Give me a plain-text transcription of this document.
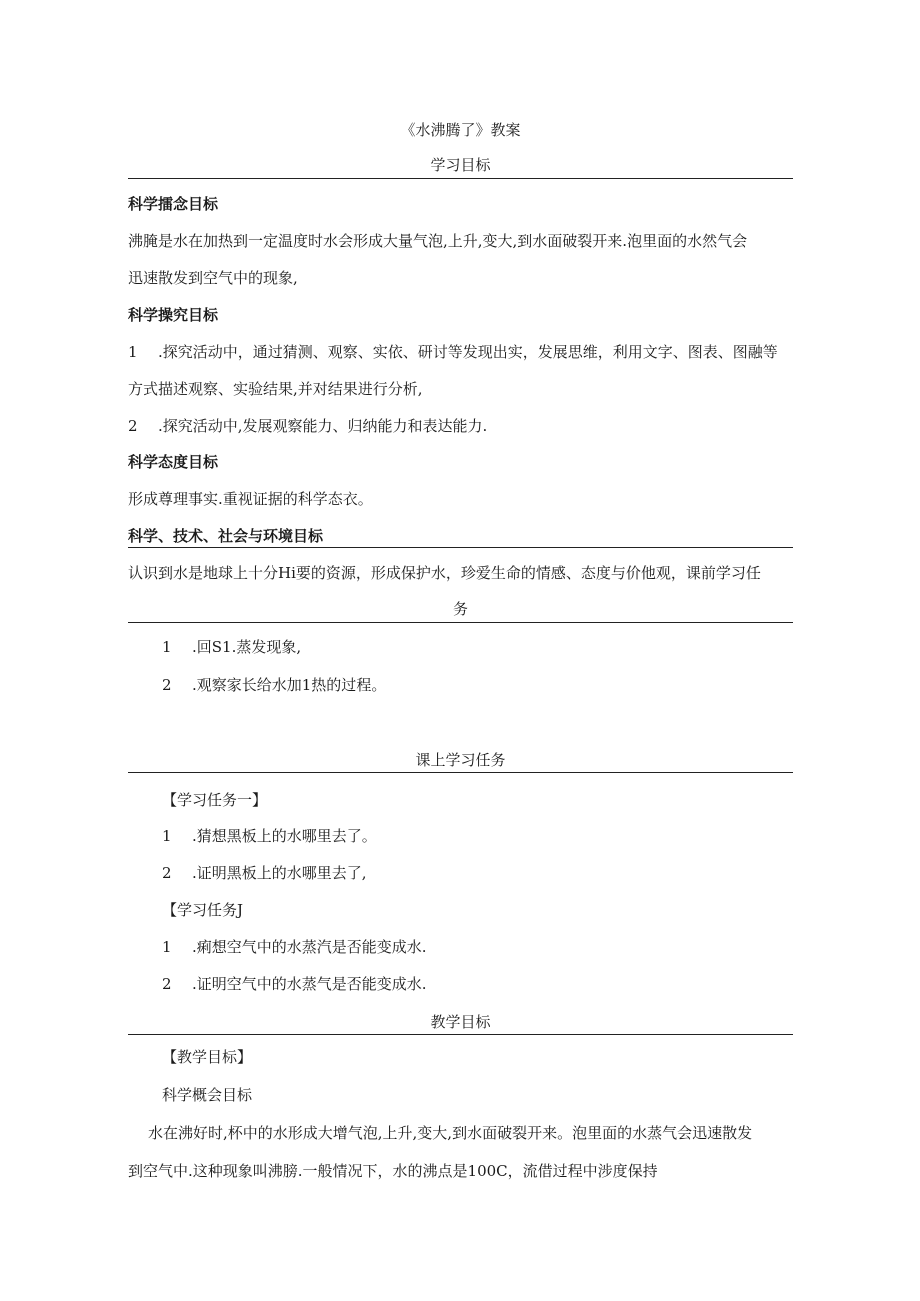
《水沸腾了》教案
学习目标
科学擂念目标
沸腌是水在加热到一定温度时水会形成大量气泡,上升,变大,到水面破裂开来.泡里面的水然气会
迅速散发到空气中的现象,
科学操究目标
1 .探究活动中，通过猜测、观察、实依、研讨等发现出实，发展思维，利用文字、图表、图融等
方式描述观察、实验结果,并对结果进行分析,
2 .探究活动中,发展观察能力、归纳能力和表达能力.
科学态度目标
形成尊理事实.重视证据的科学态衣。
科学、技术、社会与环境目标
认识到水是地球上十分Hi要的资源，形成保护水，珍爱生命的情感、态度与价他观，课前学习任
务
1 .回S1.蒸发现象,
2 .观察家长给水加1热的过程。
课上学习任务
【学习任务一】
1 .猜想黑板上的水哪里去了。
2 .证明黑板上的水哪里去了,
【学习任务J
1 .痢想空气中的水蒸汽是否能变成水.
2 .证明空气中的水蒸气是否能变成水.
教学目标
【教学目标】
科学概会目标
水在沸好时,杯中的水形成大增气泡,上升,变大,到水面破裂开来。泡里面的水蒸气会迅速散发
到空气中.这种现象叫沸膀.一般情况下，水的沸点是100C，流借过程中涉度保持
